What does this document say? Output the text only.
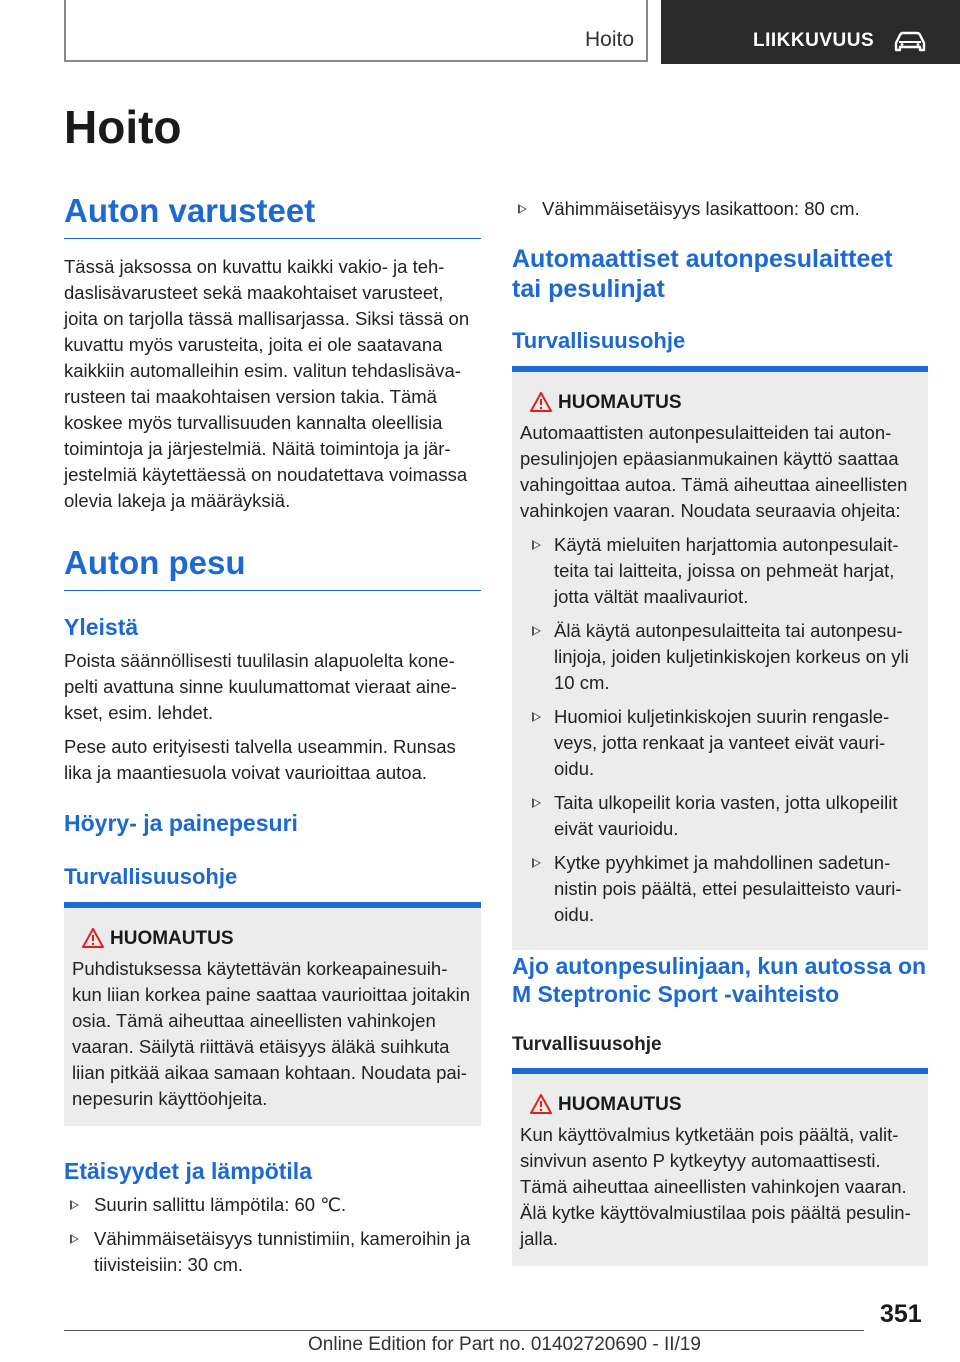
Hoito	LIIKKUVUUS
Hoito
Auton varusteet

Tässä jaksossa on kuvattu kaikki vakio- ja teh-daslisävarusteet sekä maakohtaiset varusteet, joita on tarjolla tässä mallisarjassa. Siksi tässä on kuvattu myös varusteita, joita ei ole saatavana kaikkiin automalleihin esim. valitun tehdaslisäva-rusteen tai maakohtaisen version takia. Tämä koskee myös turvallisuuden kannalta oleellisia toimintoja ja järjestelmiä. Näitä toimintoja ja jär-jestelmiä käytettäessä on noudatettava voimassa olevia lakeja ja määräyksiä.

Auton pesu
Yleistä

Poista säännöllisesti tuulilasin alapuolelta kone-pelti avattuna sinne kuulumattomat vieraat aine-kset, esim. lehdet.

Pese auto erityisesti talvella useammin. Runsas lika ja maantiesuola voivat vaurioittaa autoa.

Höyry- ja painepesuri
Turvallisuusohje
HUOMAUTUS

Puhdistuksessa käytettävän korkeapainesuih-kun liian korkea paine saattaa vaurioittaa joitakin osia. Tämä aiheuttaa aineellisten vahinkojen vaaran. Säilytä riittävä etäisyys äläkä suihkuta liian pitkää aikaa samaan kohtaan. Noudata pai-nepesurin käyttöohjeita.

Etäisyydet ja lämpötila
Suurin sallittu lämpötila: 60 ℃.
Vähimmäisetäisyys tunnistimiin, kameroihin ja tiivisteisiin: 30 cm.
Vähimmäisetäisyys lasikattoon: 80 cm.
Automaattiset autonpesulaitteet tai pesulinjat
Turvallisuusohje
HUOMAUTUS

Automaattisten autonpesulaitteiden tai auton-pesulinjojen epäasianmukainen käyttö saattaa vahingoittaa autoa. Tämä aiheuttaa aineellisten vahinkojen vaaran. Noudata seuraavia ohjeita:

Käytä mieluiten harjattomia autonpesulait-teita tai laitteita, joissa on pehmeät harjat, jotta vältät maalivauriot.
Älä käytä autonpesulaitteita tai autonpesu-linjoja, joiden kuljetinkiskojen korkeus on yli 10 cm.
Huomioi kuljetinkiskojen suurin rengasle-veys, jotta renkaat ja vanteet eivät vauri-oidu.
Taita ulkopeilit koria vasten, jotta ulkopeilit eivät vaurioidu.
Kytke pyyhkimet ja mahdollinen sadetun-nistin pois päältä, ettei pesulaitteisto vauri-oidu.
Ajo autonpesulinjaan, kun autossa on M Steptronic Sport -vaihteisto
Turvallisuusohje
HUOMAUTUS

Kun käyttövalmius kytketään pois päältä, valit-sinvivun asento P kytkeytyy automaattisesti. Tämä aiheuttaa aineellisten vahinkojen vaaran. Älä kytke käyttövalmiustilaa pois päältä pesulin-jalla.

351
Online Edition for Part no. 01402720690 - II/19
